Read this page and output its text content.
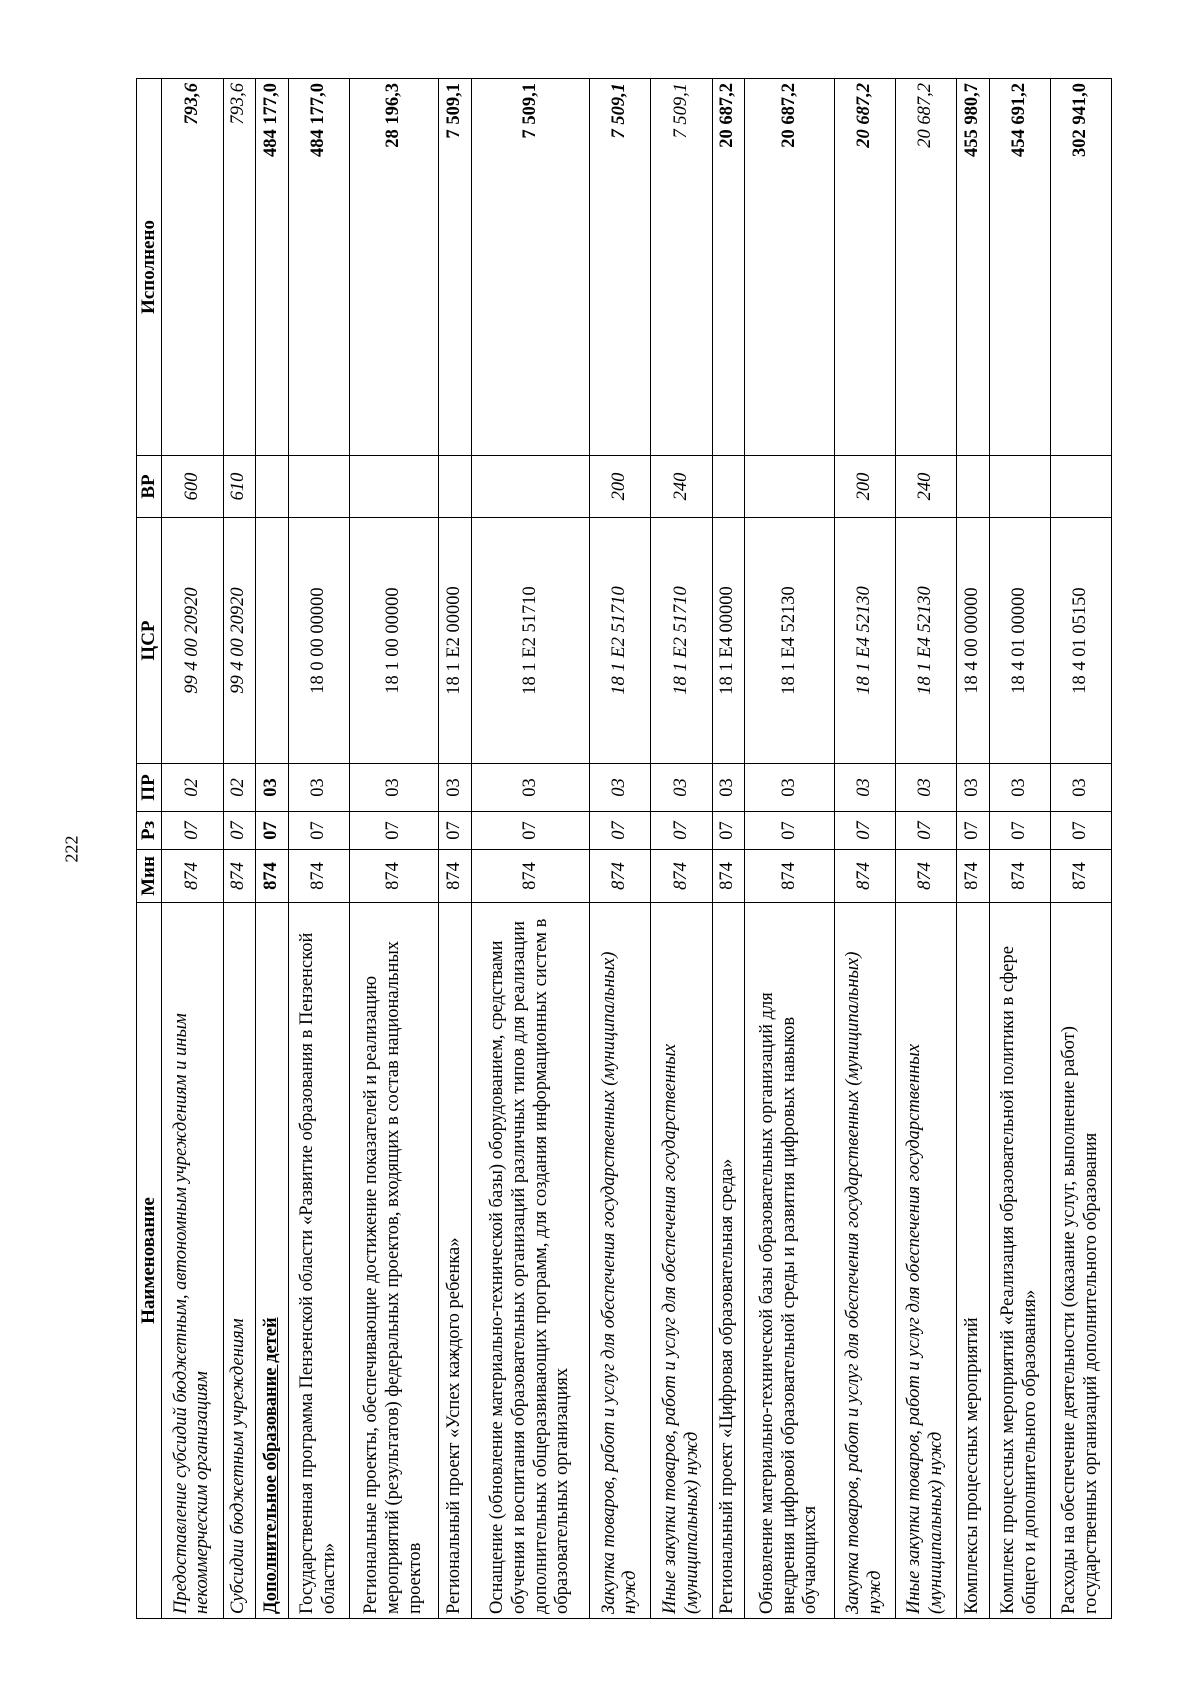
222
Наименование	Мин	Рз	ПР	ЦСР	ВР	Исполнено
Предоставление субсидий бюджетным, автономным учреждениям и иным некоммерческим организациям	874	07	02	99 4 00 20920	600	793,6
Субсидии бюджетным учреждениям	874	07	02	99 4 00 20920	610	793,6
Дополнительное образование детей	874	07	03			484 177,0
Государственная программа Пензенской области «Развитие образования в Пензенской области»	874	07	03	18 0 00 00000		484 177,0
Региональные проекты, обеспечивающие достижение показателей и реализацию мероприятий (результатов) федеральных проектов, входящих в состав национальных проектов	874	07	03	18 1 00 00000		28 196,3
Региональный проект «Успех каждого ребенка»	874	07	03	18 1 E2 00000		7 509,1
Оснащение (обновление материально-технической базы) оборудованием, средствами обучения и воспитания образовательных организаций различных типов для реализации дополнительных общеразвивающих программ, для создания информационных систем в образовательных организациях	874	07	03	18 1 E2 51710		7 509,1
Закупка товаров, работ и услуг для обеспечения государственных (муниципальных) нужд	874	07	03	18 1 E2 51710	200	7 509,1
Иные закупки товаров, работ и услуг для обеспечения государственных (муниципальных) нужд	874	07	03	18 1 E2 51710	240	7 509,1
Региональный проект «Цифровая образовательная среда»	874	07	03	18 1 E4 00000		20 687,2
Обновление материально-технической базы образовательных организаций для внедрения цифровой образовательной среды и развития цифровых навыков обучающихся	874	07	03	18 1 E4 52130		20 687,2
Закупка товаров, работ и услуг для обеспечения государственных (муниципальных) нужд	874	07	03	18 1 E4 52130	200	20 687,2
Иные закупки товаров, работ и услуг для обеспечения государственных (муниципальных) нужд	874	07	03	18 1 E4 52130	240	20 687,2
Комплексы процессных мероприятий	874	07	03	18 4 00 00000		455 980,7
Комплекс процессных мероприятий «Реализация образовательной политики в сфере общего и дополнительного образования»	874	07	03	18 4 01 00000		454 691,2
Расходы на обеспечение деятельности (оказание услуг, выполнение работ) государственных организаций дополнительного образования	874	07	03	18 4 01 05150		302 941,0
